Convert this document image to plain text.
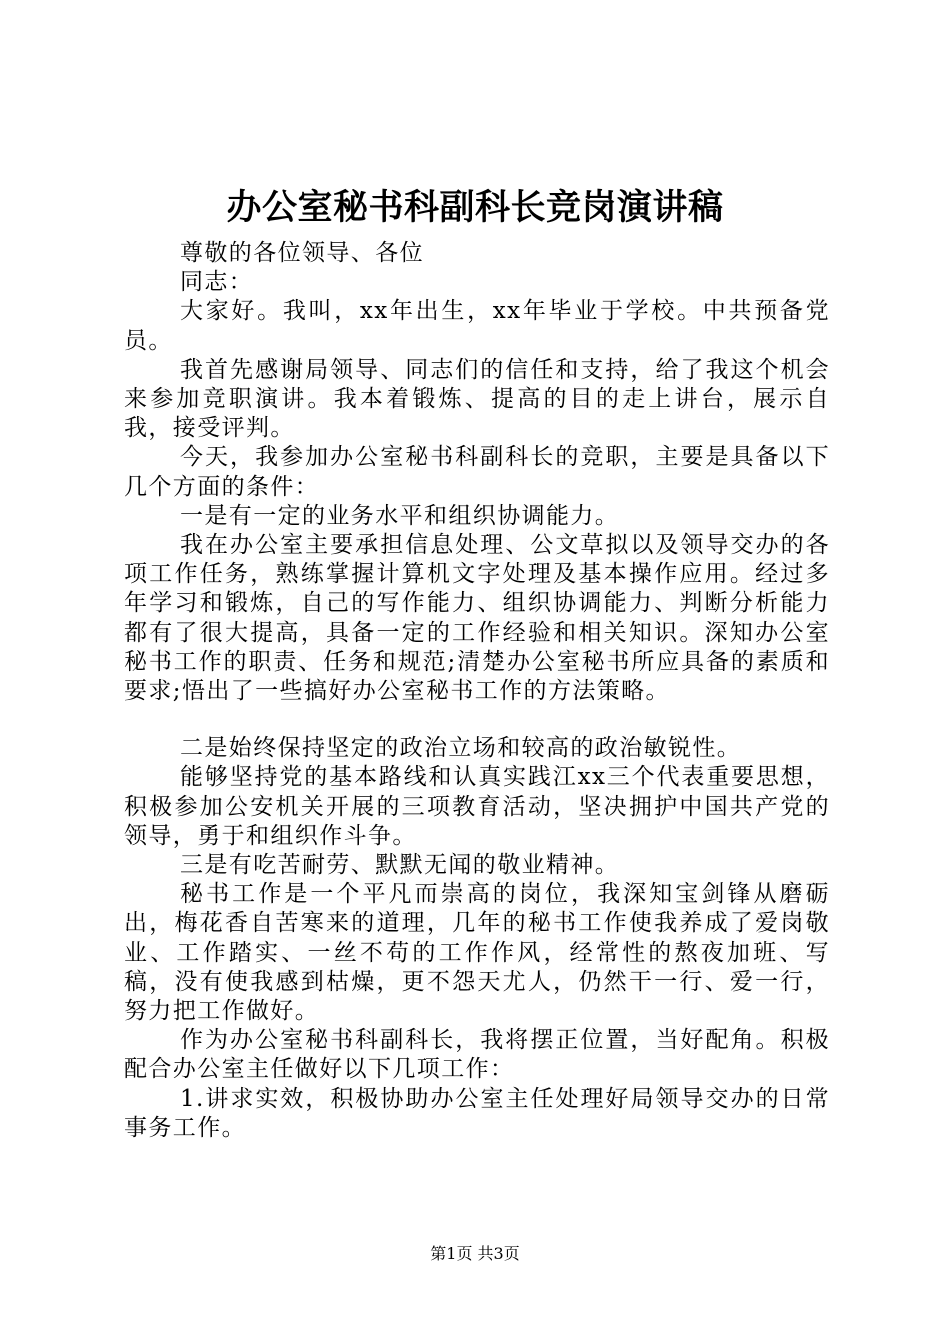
办公室秘书科副科长竞岗演讲稿

尊敬的各位领导、各位

同志：

大家好。我叫，xx年出生，xx年毕业于学校。中共预备党员。

我首先感谢局领导、同志们的信任和支持，给了我这个机会来参加竞职演讲。我本着锻炼、提高的目的走上讲台，展示自我，接受评判。

今天，我参加办公室秘书科副科长的竞职，主要是具备以下几个方面的条件：

一是有一定的业务水平和组织协调能力。

我在办公室主要承担信息处理、公文草拟以及领导交办的各项工作任务，熟练掌握计算机文字处理及基本操作应用。经过多年学习和锻炼，自己的写作能力、组织协调能力、判断分析能力都有了很大提高，具备一定的工作经验和相关知识。深知办公室秘书工作的职责、任务和规范;清楚办公室秘书所应具备的素质和要求;悟出了一些搞好办公室秘书工作的方法策略。

二是始终保持坚定的政治立场和较高的政治敏锐性。

能够坚持党的基本路线和认真实践江xx三个代表重要思想，积极参加公安机关开展的三项教育活动，坚决拥护中国共产党的领导，勇于和组织作斗争。

三是有吃苦耐劳、默默无闻的敬业精神。

秘书工作是一个平凡而崇高的岗位，我深知宝剑锋从磨砺出，梅花香自苦寒来的道理，几年的秘书工作使我养成了爱岗敬业、工作踏实、一丝不苟的工作作风，经常性的熬夜加班、写稿，没有使我感到枯燥，更不怨天尤人，仍然干一行、爱一行，努力把工作做好。

作为办公室秘书科副科长，我将摆正位置，当好配角。积极配合办公室主任做好以下几项工作：

1.讲求实效，积极协助办公室主任处理好局领导交办的日常事务工作。

第1页 共3页
